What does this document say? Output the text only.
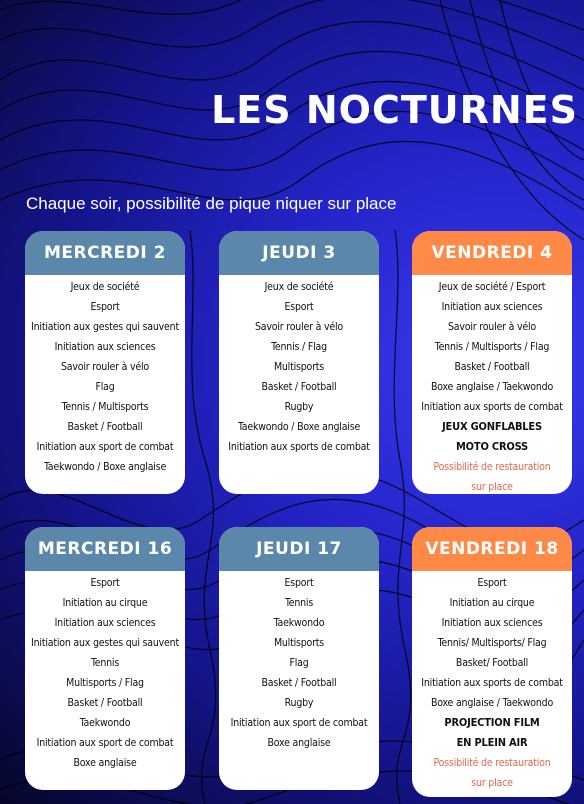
LES NOCTURNES
Chaque soir, possibilité de pique niquer sur place
MERCREDI 2
Jeux de société
Esport
Initiation aux gestes qui sauvent
Initiation aux sciences
Savoir rouler à vélo
Flag
Tennis / Multisports
Basket / Football
Initiation aux sport de combat
Taekwondo / Boxe anglaise
JEUDI 3
Jeux de société
Esport
Savoir rouler à vélo
Tennis / Flag
Multisports
Basket / Football
Rugby
Taekwondo / Boxe anglaise
Initiation aux sports de combat
VENDREDI 4
Jeux de société / Esport
Initiation aux sciences
Savoir rouler à vélo
Tennis / Multisports / Flag
Basket / Football
Boxe anglaise / Taekwondo
Initiation aux sports de combat
JEUX GONFLABLES
MOTO CROSS
Possibilité de restauration
sur place
MERCREDI 16
Esport
Initiation au cirque
Initiation aux sciences
Initiation aux gestes qui sauvent
Tennis
Multisports / Flag
Basket / Football
Taekwondo
Initiation aux sport de combat
Boxe anglaise
JEUDI 17
Esport
Tennis
Taekwondo
Multisports
Flag
Basket / Football
Rugby
Initiation aux sport de combat
Boxe anglaise
VENDREDI 18
Esport
Initiation au cirque
Initiation aux sciences
Tennis/ Multisports/ Flag
Basket/ Football
Initiation aux sports de combat
Boxe anglaise / Taekwondo
PROJECTION FILM
EN PLEIN AIR
Possibilité de restauration
sur place
